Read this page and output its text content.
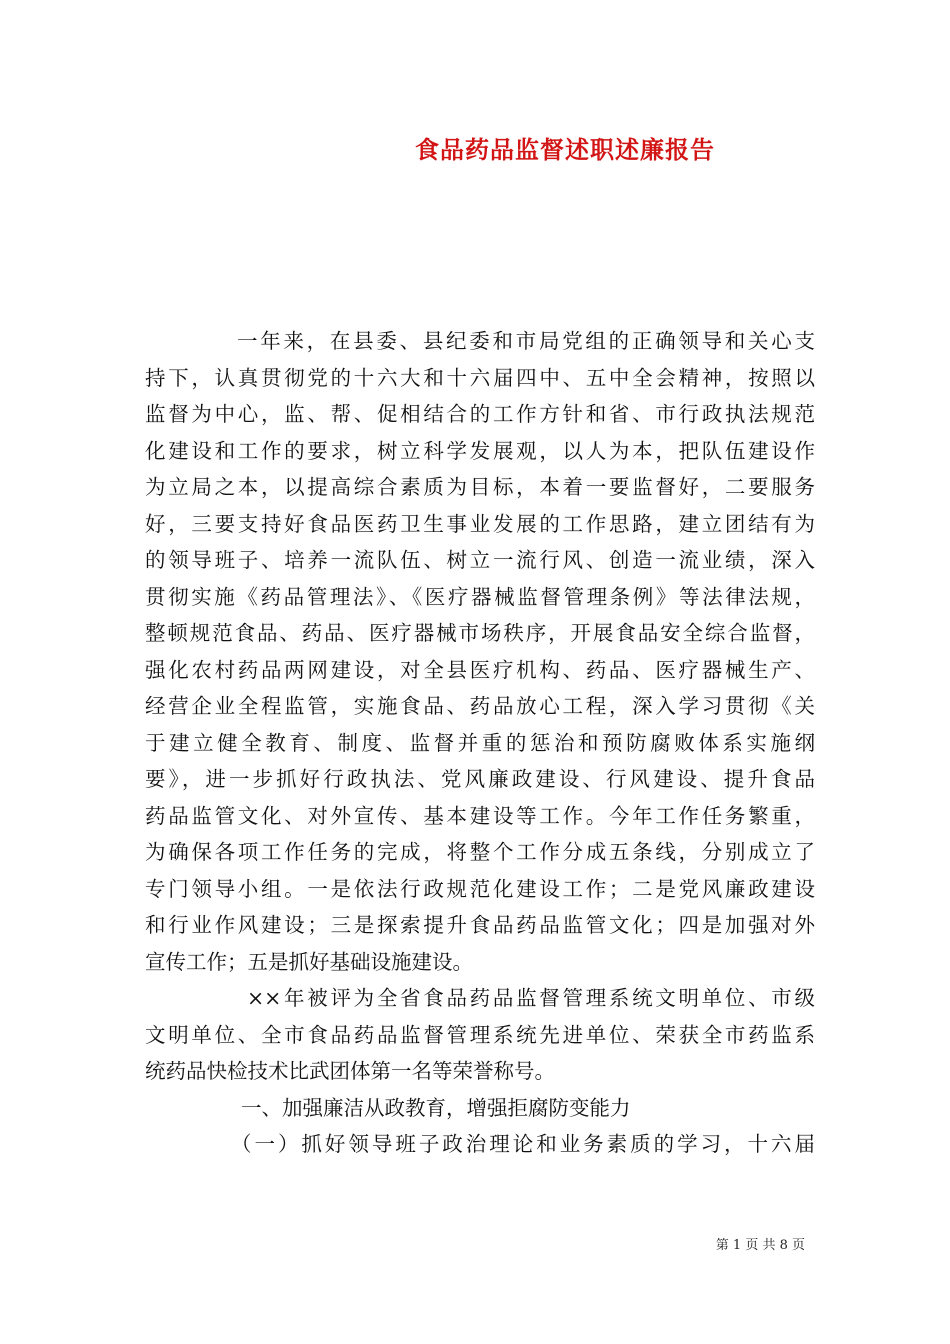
食品药品监督述职述廉报告
一年来，在县委、县纪委和市局党组的正确领导和关心支
持下，认真贯彻党的十六大和十六届四中、五中全会精神，按照以
监督为中心，监、帮、促相结合的工作方针和省、市行政执法规范
化建设和工作的要求，树立科学发展观，以人为本，把队伍建设作
为立局之本，以提高综合素质为目标，本着一要监督好，二要服务
好，三要支持好食品医药卫生事业发展的工作思路，建立团结有为
的领导班子、培养一流队伍、树立一流行风、创造一流业绩，深入
贯彻实施《药品管理法》、《医疗器械监督管理条例》等法律法规，
整顿规范食品、药品、医疗器械市场秩序，开展食品安全综合监督，
强化农村药品两网建设，对全县医疗机构、药品、医疗器械生产、
经营企业全程监管，实施食品、药品放心工程，深入学习贯彻《关
于建立健全教育、制度、监督并重的惩治和预防腐败体系实施纲
要》，进一步抓好行政执法、党风廉政建设、行风建设、提升食品
药品监管文化、对外宣传、基本建设等工作。今年工作任务繁重，
为确保各项工作任务的完成，将整个工作分成五条线，分别成立了
专门领导小组。一是依法行政规范化建设工作；二是党风廉政建设
和行业作风建设；三是探索提升食品药品监管文化；四是加强对外
宣传工作；五是抓好基础设施建设。
××年被评为全省食品药品监督管理系统文明单位、市级
文明单位、全市食品药品监督管理系统先进单位、荣获全市药监系
统药品快检技术比武团体第一名等荣誉称号。
一、加强廉洁从政教育，增强拒腐防变能力
（一）抓好领导班子政治理论和业务素质的学习，十六届
第 1 页 共 8 页
